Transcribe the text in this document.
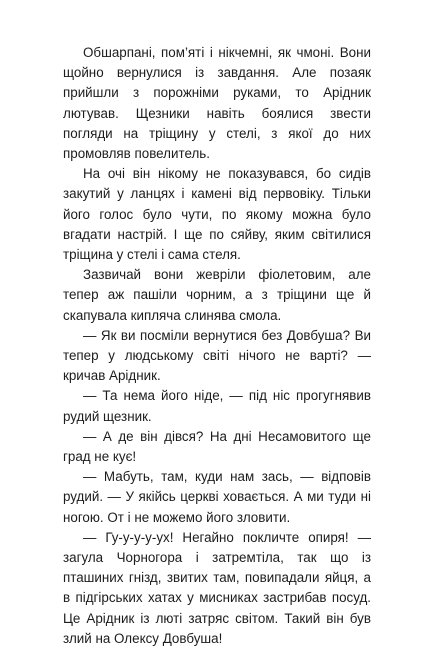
Обшарпані, пом’яті і нікчемні, як чмоні. Вони щойно вернулися із завдання. Але позаяк прийшли з порожніми руками, то Арідник лютував. Щезники навіть боялися звести погляди на тріщину у стелі, з якої до них промовляв повелитель.

На очі він нікому не показувався, бо сидів закутий у ланцях і камені від первовіку. Тільки його голос було чути, по якому можна було вгадати настрій. І ще по сяйву, яким світилися тріщина у стелі і сама стеля.

Зазвичай вони жевріли фіолетовим, але тепер аж пашіли чорним, а з тріщини ще й скапувала кипляча слинява смола.

— Як ви посміли вернутися без Довбуша? Ви тепер у людському світі нічого не варті? — кричав Арідник.

— Та нема його ніде, — під ніс прогугнявив рудий щезник.

— А де він дівся? На дні Несамовитого ще град не кує!

— Мабуть, там, куди нам зась, — відповів рудий. — У якійсь церкві ховається. А ми туди ні ногою. От і не можемо його зловити.

— Гу-у-у-у-ух! Негайно покличте опиря! — загула Чорногора і затремтіла, так що із пташиних гнізд, звитих там, повипадали яйця, а в підгірських хатах у мисниках застрибав посуд. Це Арідник із люті затряс світом. Такий він був злий на Олексу Довбуша!
